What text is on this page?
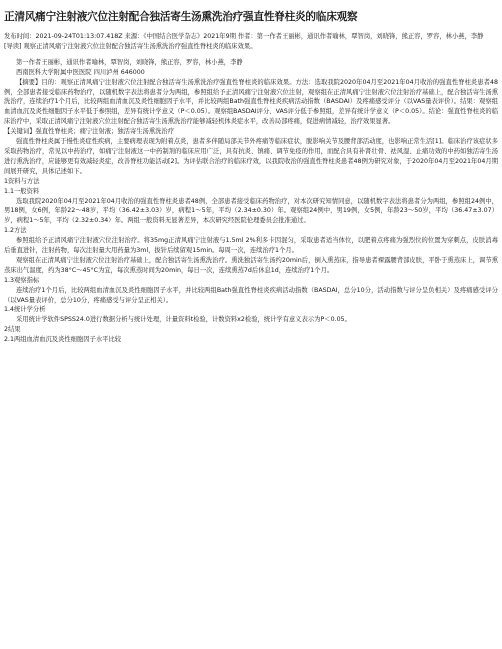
正清风痛宁注射液穴位注射配合独活寄生汤熏洗治疗强直性脊柱炎的临床观察

发布时间：2021-09-24T01:13:07.418Z 来源：《中国结合医学杂志》2021年9期 作者：第一作者王丽彬，通讯作者喻林，覃智岗，刘晓锋，熊正容，罗容，林小燕，李静

[导读] 观察正清风痛宁注射液穴位注射配合独活寄生汤熏洗治疗强直性脊柱炎的临床效果。

第一作者王丽彬，通讯作者喻林，覃智岗，刘晓锋，熊正容，罗容，林小燕，李静

西南医科大学附属中医医院 四川泸州 646000

【摘要】目的：观察正清风痛宁注射液穴位注射配合独活寄生汤熏洗治疗强直性脊柱炎的临床效果。方法：选取我院2020年04月至2021年04月收治的强直性脊柱炎患者48例，全部患者接受临床药物治疗，以随机数字表法将患者分为两组，参照组给予正清风痛宁注射液穴位注射，观察组在正清风痛宁注射液穴位注射治疗基础上，配合独活寄生汤熏洗治疗，连续治疗1个月后，比较两组血清血沉及炎性细胞因子水平，并比较两组Bath强直性脊柱炎疾病活动指数（BASDAI）及疼痛感受评分（以VAS量表评价）。结果：观察组血清血沉及炎性细胞因子水平低于参照组，差异有统计学意义（P＜0.05）。观察组BASDAI评分、VAS评分低于参照组，差异有统计学意义（P＜0.05）。结论：强直性脊柱炎的临床治疗中，采取正清风痛宁注射液穴位注射配合独活寄生汤熏洗治疗能够减轻机体炎症水平，改善局部疼痛，促进病情减轻，治疗效果显著。

【关键词】强直性脊柱炎；痛宁注射液；独活寄生汤熏洗治疗

强直性脊柱炎属于慢性炎症性疾病，主要病理表现为附着点炎，患者多伴随局部关节外疼痛等临床症状，脱影响关节及腰背部活动度，也影响正常生活[1]。临床治疗该症状多采取药物治疗，常见以中药治疗，如痛宁注射液这一中药制剂的临床应用广泛，具有抗炎、镇痛、调节免疫的作用，而配合具有补肾壮骨、祛风湿、止痛功效的中药如独活寄生汤进行熏洗治疗，应能够更有效减轻炎症，改善脊柱功能活动[2]。为评估联合治疗的临床疗效，以我院收治的强直性脊柱炎患者48例为研究对象，于2020年04月至2021年04月期间展开研究，具体记述如下。

1资料与方法

1.1一般资料

选取我院2020年04月至2021年04月收治的强直性脊柱炎患者48例，全部患者接受临床药物治疗，对本次研究知情同意，以随机数字表法将患者分为两组，参照组24例中，男18例，女6例，年龄22～48岁，平均（36.42±3.03）岁，病程1～5年，平均（2.34±0.30）年。观察组24例中，男19例，女5例，年龄23～50岁，平均（36.47±3.07）岁，病程1～5年，平均（2.32±0.34）年。两组一般资料无显著差异，本次研究经医院伦理委员会批准通过。

1.2方法

参照组给予正清风痛宁注射液穴位注射治疗。将35mg正清风痛宁注射液与1.5ml 2%利多卡因混匀，采取患者适当体位，以肥着点疼痛为强烈位的位置为穿刺点，皮肤消毒后垂直进针，注射药物，每次注射量大用药量为3ml，拔针后续留观15min。每周一次，连续治疗1个月。

观察组在正清风痛宁注射液穴位注射治疗基础上，配合独活寄生汤熏洗治疗。熏洗独活寄生汤约20min后，倒入熏蒸床，指导患者裸露腰背部皮肤，平卧于熏蒸床上，调节熏蒸床出气温度，约为38°C～45°C为宜，每次熏蒸时间为20min，每日一次，连续熏蒸7d后休息1d，连续治疗1个月。

1.3观察指标

连续治疗1个月后，比较两组血清血沉及炎性细胞因子水平，并比较两组Bath强直性脊柱炎疾病活动指数（BASDAI，总分10分，活动指数与评分呈负相关）及疼痛感受评分（以VAS量表评价，总分10分，疼痛感受与评分呈正相关）。

1.4统计学分析

采用统计学软件SPSS24.0进行数据分析与统计处理，计量资料t检验，计数资料x2检验，统计学有意义表示为P＜0.05。

2结果

2.1两组血清血沉及炎性细胞因子水平比较
